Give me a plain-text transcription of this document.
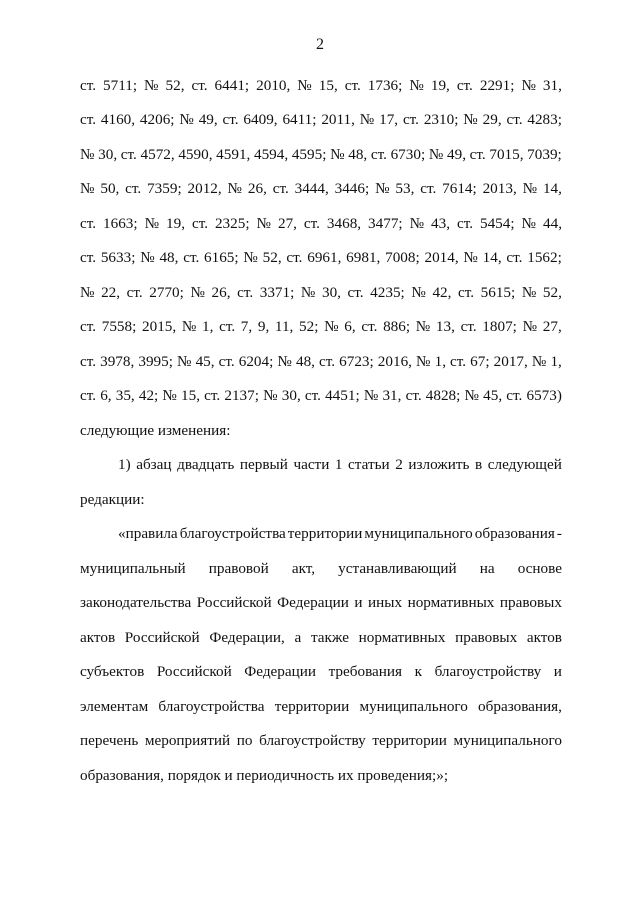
2
ст. 5711; № 52, ст. 6441; 2010, № 15, ст. 1736; № 19, ст. 2291; № 31,
ст. 4160, 4206; № 49, ст. 6409, 6411; 2011, № 17, ст. 2310; № 29, ст. 4283;
№ 30, ст. 4572, 4590, 4591, 4594, 4595; № 48, ст. 6730; № 49, ст. 7015, 7039;
№ 50, ст. 7359; 2012, № 26, ст. 3444, 3446; № 53, ст. 7614; 2013, № 14,
ст. 1663; № 19, ст. 2325; № 27, ст. 3468, 3477; № 43, ст. 5454; № 44,
ст. 5633; № 48, ст. 6165; № 52, ст. 6961, 6981, 7008; 2014, № 14, ст. 1562;
№ 22, ст. 2770; № 26, ст. 3371; № 30, ст. 4235; № 42, ст. 5615; № 52,
ст. 7558; 2015, № 1, ст. 7, 9, 11, 52; № 6, ст. 886; № 13, ст. 1807; № 27,
ст. 3978, 3995; № 45, ст. 6204; № 48, ст. 6723; 2016, № 1, ст. 67; 2017, № 1,
ст. 6, 35, 42; № 15, ст. 2137; № 30, ст. 4451; № 31, ст. 4828; № 45, ст. 6573)
следующие изменения:
1) абзац двадцать первый части 1 статьи 2 изложить в следующей
редакции:
«правила благоустройства территории муниципального образования -
муниципальный правовой акт, устанавливающий на основе
законодательства Российской Федерации и иных нормативных правовых
актов Российской Федерации, а также нормативных правовых актов
субъектов Российской Федерации требования к благоустройству и
элементам благоустройства территории муниципального образования,
перечень мероприятий по благоустройству территории муниципального
образования, порядок и периодичность их проведения;»;
